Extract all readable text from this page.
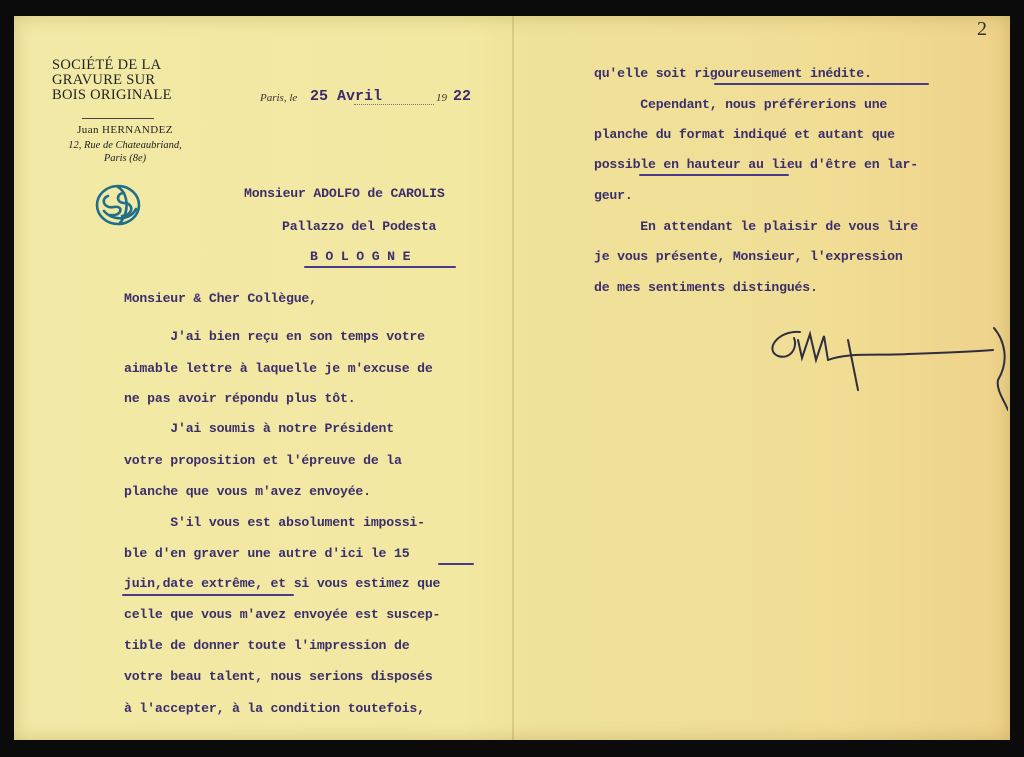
2
SOCIÉTÉ DE LA
GRAVURE SUR
BOIS ORIGINALE
Juan HERNANDEZ
12, Rue de Chateaubriand,
Paris (8e)
Paris, le 25 Avril	19 22
Monsieur ADOLFO de CAROLIS
Pallazzo del Podesta
B O L O G N E
Monsieur & Cher Collègue,
J'ai bien reçu en son temps votre
aimable lettre à laquelle je m'excuse de
ne pas avoir répondu plus tôt.
J'ai soumis à notre Président
votre proposition et l'épreuve de la
planche que vous m'avez envoyée.
S'il vous est absolument impossi-
ble d'en graver une autre d'ici le 15
juin,date extrême, et si vous estimez que
celle que vous m'avez envoyée est suscep-
tible de donner toute l'impression de
votre beau talent, nous serions disposés
à l'accepter, à la condition toutefois,
qu'elle soit rigoureusement inédite.
Cependant, nous préférerions une
planche du format indiqué et autant que
possible en hauteur au lieu d'être en lar-
geur.
En attendant le plaisir de vous lire
je vous présente, Monsieur, l'expression
de mes sentiments distingués.
